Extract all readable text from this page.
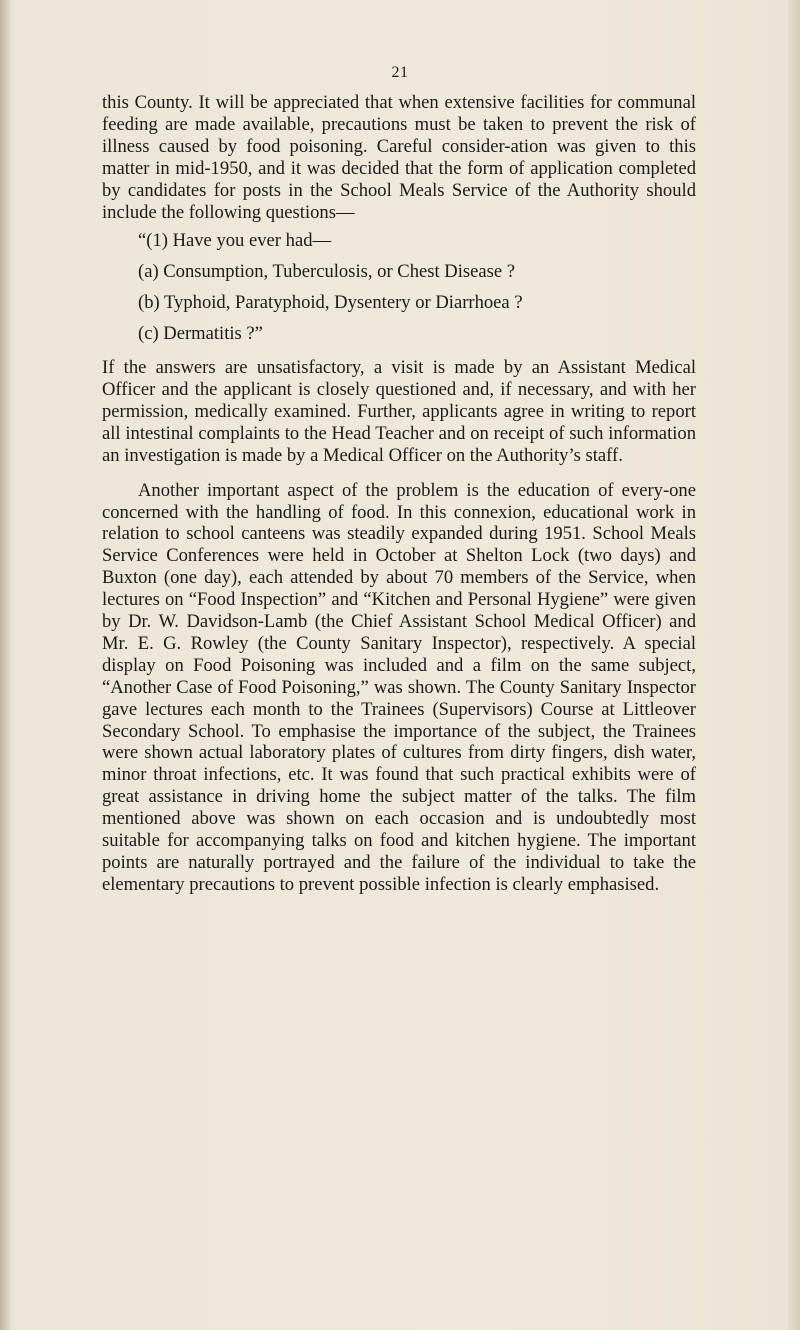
21

this County. It will be appreciated that when extensive facilities for communal feeding are made available, precautions must be taken to prevent the risk of illness caused by food poisoning. Careful consider-ation was given to this matter in mid-1950, and it was decided that the form of application completed by candidates for posts in the School Meals Service of the Authority should include the following questions—

“(1) Have you ever had—

(a) Consumption, Tuberculosis, or Chest Disease ?

(b) Typhoid, Paratyphoid, Dysentery or Diarrhoea ?

(c) Dermatitis ?”

If the answers are unsatisfactory, a visit is made by an Assistant Medical Officer and the applicant is closely questioned and, if necessary, and with her permission, medically examined. Further, applicants agree in writing to report all intestinal complaints to the Head Teacher and on receipt of such information an investigation is made by a Medical Officer on the Authority’s staff.

Another important aspect of the problem is the education of every-one concerned with the handling of food. In this connexion, educational work in relation to school canteens was steadily expanded during 1951. School Meals Service Conferences were held in October at Shelton Lock (two days) and Buxton (one day), each attended by about 70 members of the Service, when lectures on “Food Inspection” and “Kitchen and Personal Hygiene” were given by Dr. W. Davidson-Lamb (the Chief Assistant School Medical Officer) and Mr. E. G. Rowley (the County Sanitary Inspector), respectively. A special display on Food Poisoning was included and a film on the same subject, “Another Case of Food Poisoning,” was shown. The County Sanitary Inspector gave lectures each month to the Trainees (Supervisors) Course at Littleover Secondary School. To emphasise the importance of the subject, the Trainees were shown actual laboratory plates of cultures from dirty fingers, dish water, minor throat infections, etc. It was found that such practical exhibits were of great assistance in driving home the subject matter of the talks. The film mentioned above was shown on each occasion and is undoubtedly most suitable for accompanying talks on food and kitchen hygiene. The important points are naturally portrayed and the failure of the individual to take the elementary precautions to prevent possible infection is clearly emphasised.
